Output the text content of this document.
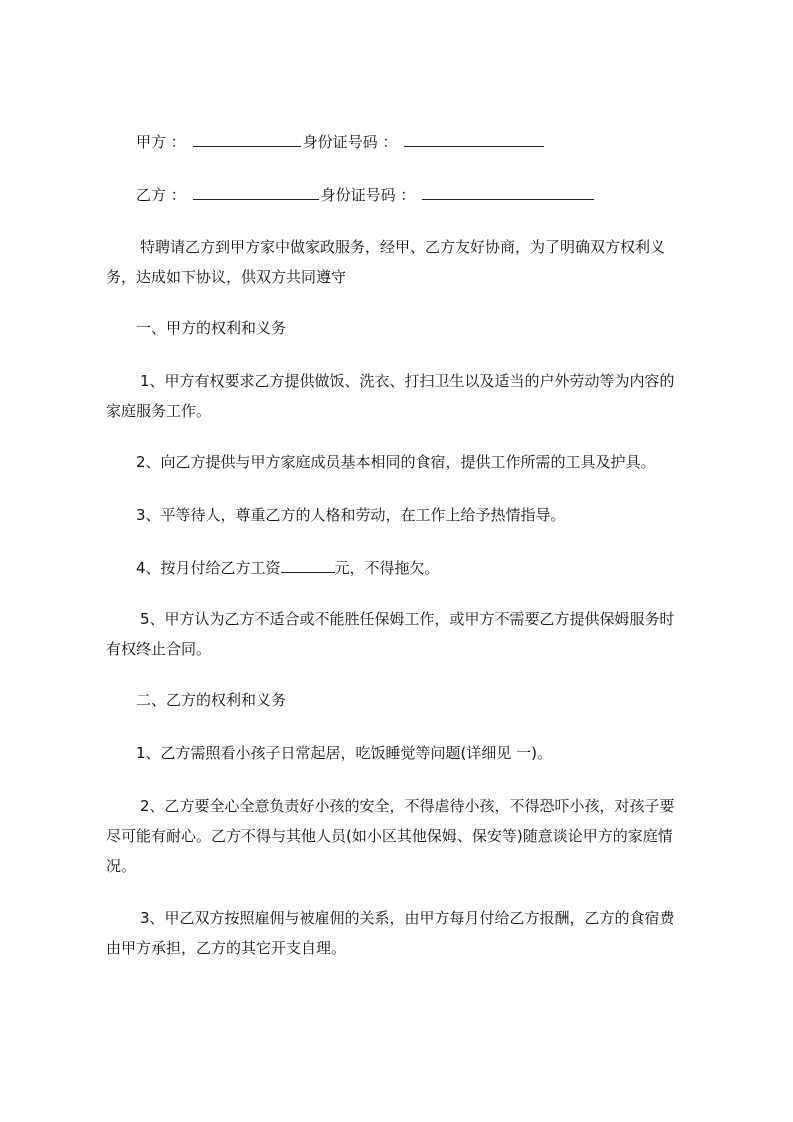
甲方 ：	身份证号码 ：
乙方 ：	身份证号码 ：
特聘请乙方到甲方家中做家政服务，经甲、乙方友好协商，为了明确双方权利义务，达成如下协议，供双方共同遵守
一、甲方的权利和义务
1、甲方有权要求乙方提供做饭、洗衣、打扫卫生以及适当的户外劳动等为内容的家庭服务工作。
2、向乙方提供与甲方家庭成员基本相同的食宿，提供工作所需的工具及护具。
3、平等待人，尊重乙方的人格和劳动，在工作上给予热情指导。
4、按月付给乙方工资	元，不得拖欠。
5、甲方认为乙方不适合或不能胜任保姆工作，或甲方不需要乙方提供保姆服务时有权终止合同。
二、乙方的权利和义务
1、乙方需照看小孩子日常起居，吃饭睡觉等问题(详细见 一)。
2、乙方要全心全意负责好小孩的安全，不得虐待小孩，不得恐吓小孩，对孩子要 尽可能有耐心。乙方不得与其他人员(如小区其他保姆、保安等)随意谈论甲方的家庭情况。
3、甲乙双方按照雇佣与被雇佣的关系，由甲方每月付给乙方报酬，乙方的食宿费由甲方承担，乙方的其它开支自理。
